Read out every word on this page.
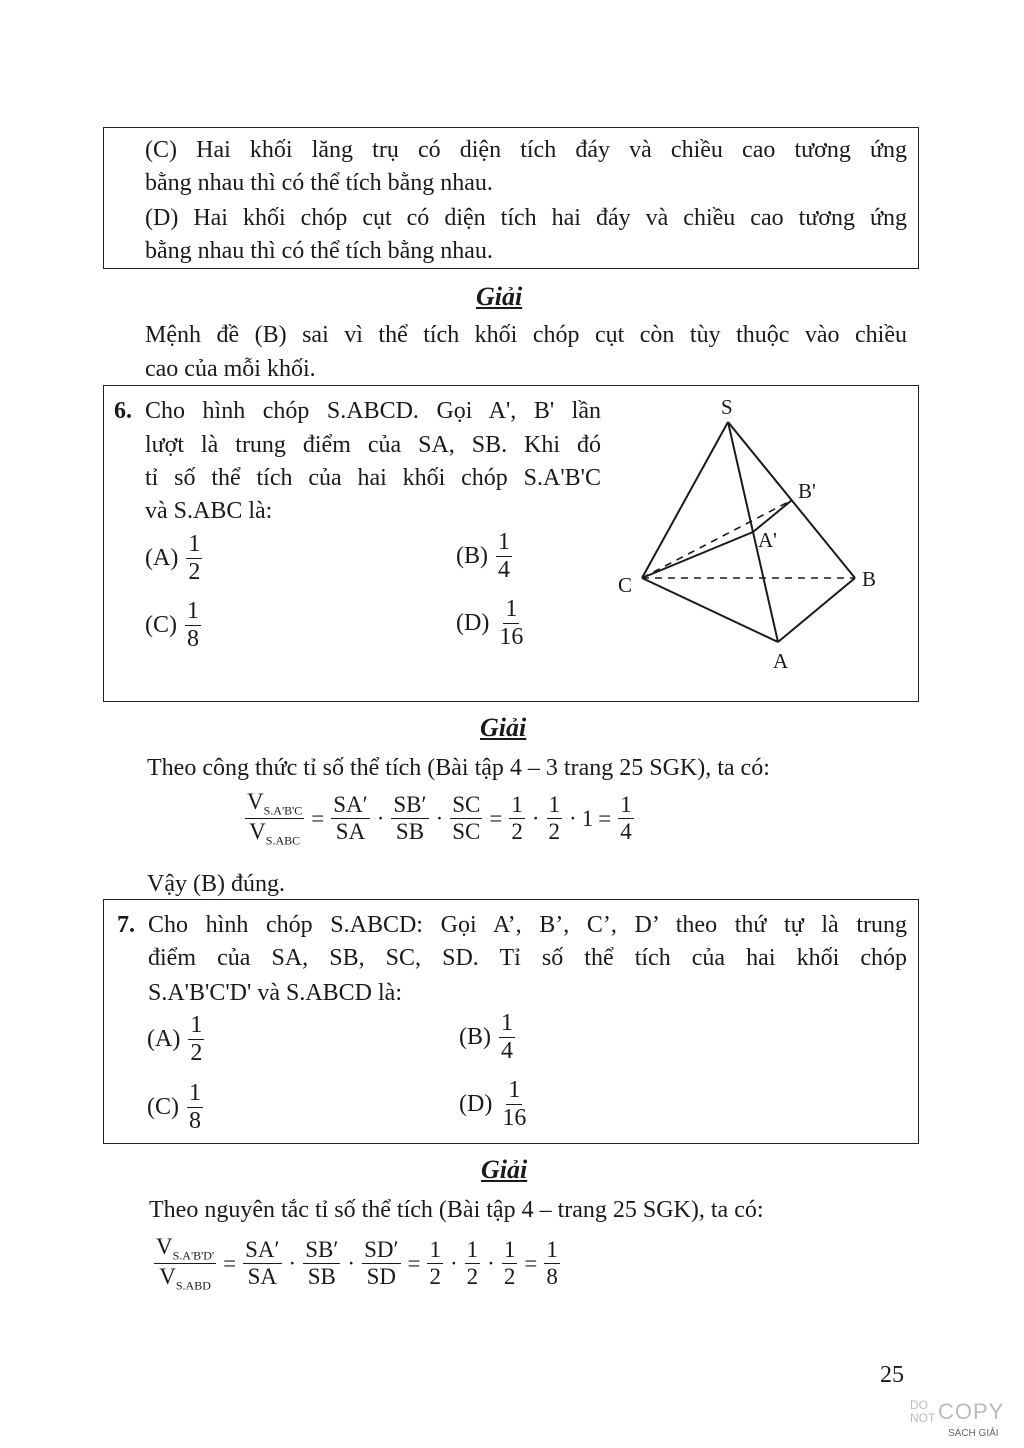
(C) Hai khối lăng trụ có diện tích đáy và chiều cao tương ứng
bằng nhau thì có thể tích bằng nhau.
(D) Hai khối chóp cụt có diện tích hai đáy và chiều cao tương ứng
bằng nhau thì có thể tích bằng nhau.
Giải
Mệnh đề (B) sai vì thể tích khối chóp cụt còn tùy thuộc vào chiều
cao của mỗi khối.
6. Cho hình chóp S.ABCD. Gọi A', B' lần
lượt là trung điểm của SA, SB. Khi đó
tỉ số thể tích của hai khối chóp S.A'B'C
và S.ABC là:
$(A) \frac{1}{2}$	$(B) \frac{1}{4}$
$(C) \frac{1}{8}$	$(D) \frac{1}{16}$
S
B'
A'
C	B
A
Giải
Theo công thức tỉ số thể tích (Bài tập 4 – 3 trang 25 SGK), ta có:
$\frac{V_{S.A'B'C}}{V_{S.ABC}} = \frac{SA'}{SA} \cdot \frac{SB'}{SB} \cdot \frac{SC}{SC} = \frac{1}{2} \cdot \frac{1}{2} \cdot 1 = \frac{1}{4}$
Vậy (B) đúng.
7. Cho hình chóp S.ABCD: Gọi A’, B’, C’, D’ theo thứ tự là trung
điểm của SA, SB, SC, SD. Tỉ số thể tích của hai khối chóp
S.A'B'C'D' và S.ABCD là:
$(A) \frac{1}{2}$	$(B) \frac{1}{4}$
$(C) \frac{1}{8}$	$(D) \frac{1}{16}$
Giải
Theo nguyên tắc tỉ số thể tích (Bài tập 4 – trang 25 SGK), ta có:
$\frac{V_{S.A'B'D'}}{V_{S.ABD}} = \frac{SA'}{SA} \cdot \frac{SB'}{SB} \cdot \frac{SD'}{SD} = \frac{1}{2} \cdot \frac{1}{2} \cdot \frac{1}{2} = \frac{1}{8}$
25
DO
NOT COPY
SÁCH GIẢI
